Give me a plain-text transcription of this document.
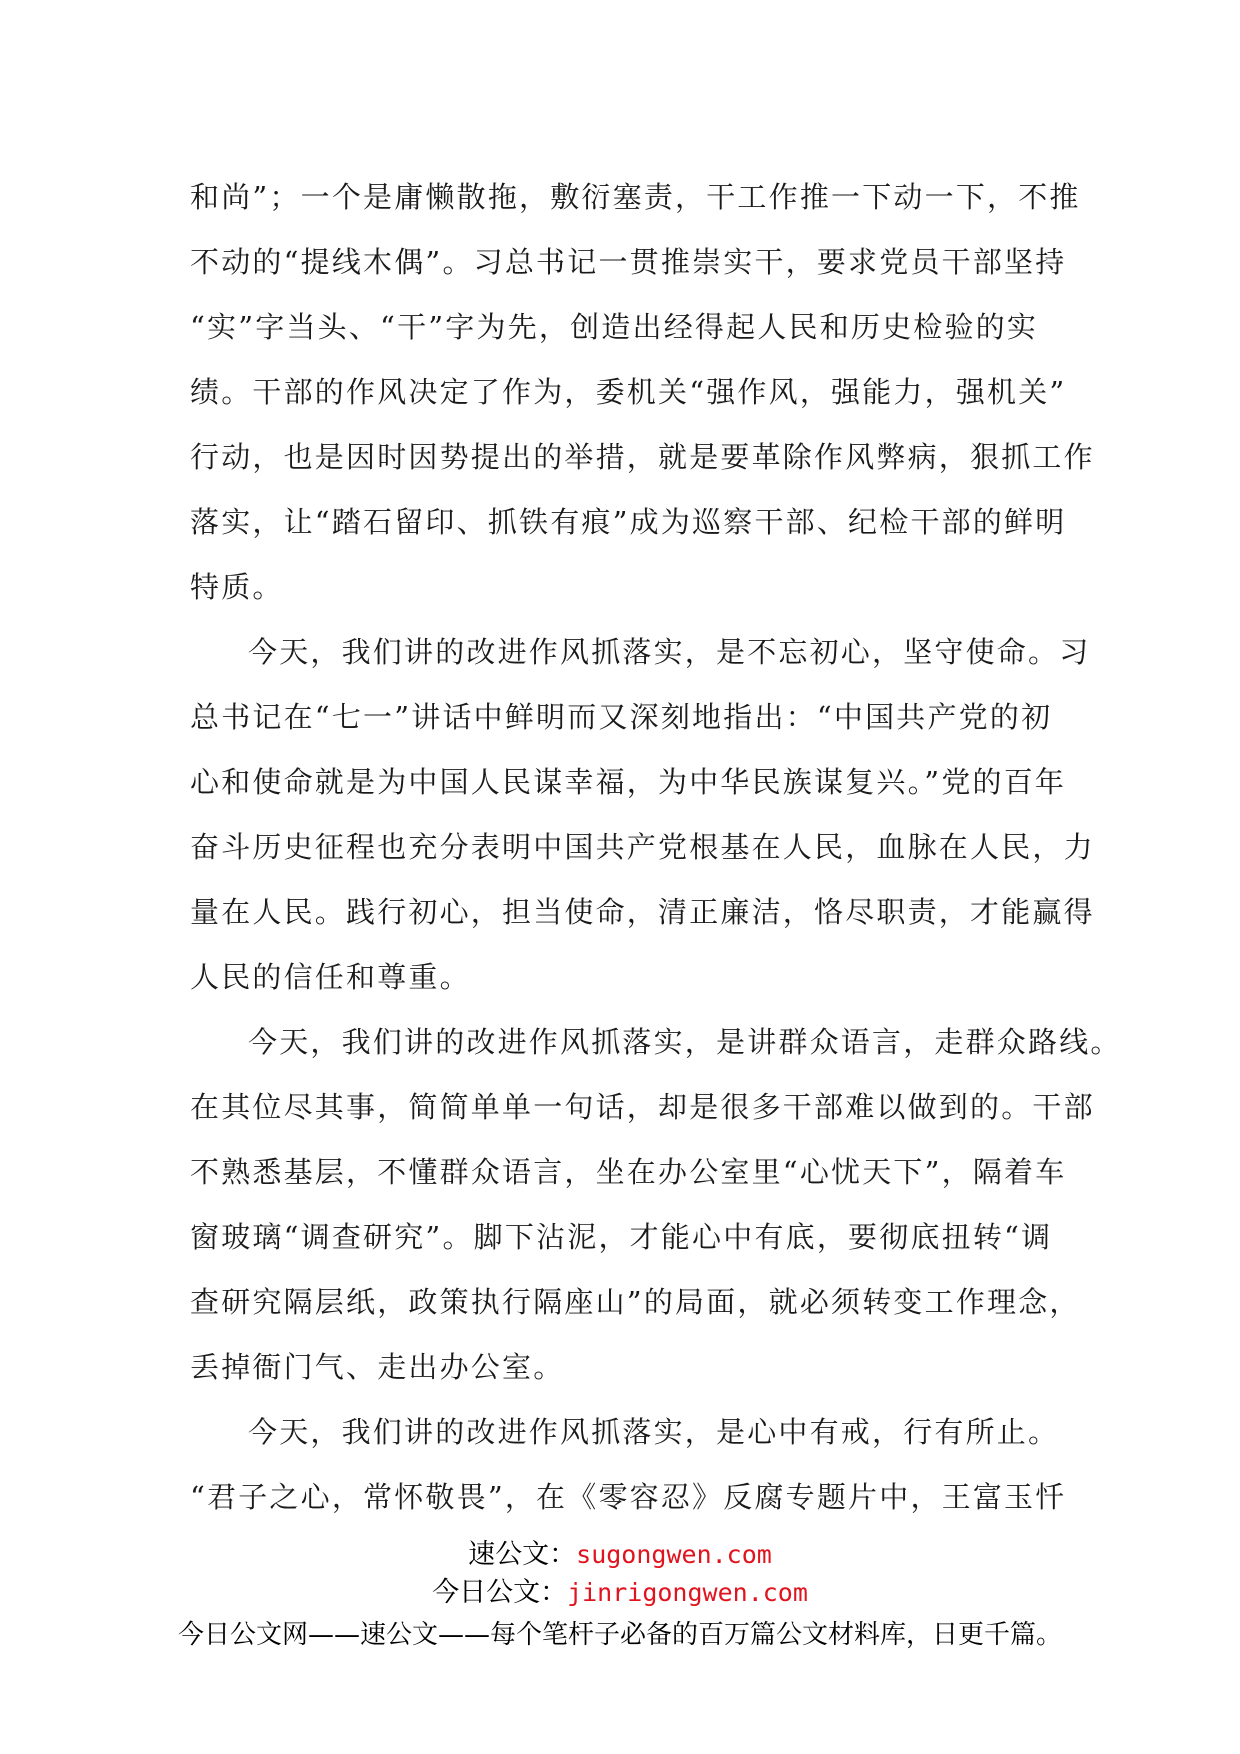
和尚”；一个是庸懒散拖，敷衍塞责，干工作推一下动一下，不推
不动的“提线木偶”。习总书记一贯推崇实干，要求党员干部坚持
“实”字当头、“干”字为先，创造出经得起人民和历史检验的实
绩。干部的作风决定了作为，委机关“强作风，强能力，强机关”
行动，也是因时因势提出的举措，就是要革除作风弊病，狠抓工作
落实，让“踏石留印、抓铁有痕”成为巡察干部、纪检干部的鲜明
特质。
今天，我们讲的改进作风抓落实，是不忘初心，坚守使命。习
总书记在“七一”讲话中鲜明而又深刻地指出：“中国共产党的初
心和使命就是为中国人民谋幸福，为中华民族谋复兴。”党的百年
奋斗历史征程也充分表明中国共产党根基在人民，血脉在人民，力
量在人民。践行初心，担当使命，清正廉洁，恪尽职责，才能赢得
人民的信任和尊重。
今天，我们讲的改进作风抓落实，是讲群众语言，走群众路线。
在其位尽其事，简简单单一句话，却是很多干部难以做到的。干部
不熟悉基层，不懂群众语言，坐在办公室里“心忧天下”，隔着车
窗玻璃“调查研究”。脚下沾泥，才能心中有底，要彻底扭转“调
查研究隔层纸，政策执行隔座山”的局面，就必须转变工作理念，
丢掉衙门气、走出办公室。
今天，我们讲的改进作风抓落实，是心中有戒，行有所止。
“君子之心，常怀敬畏”，在《零容忍》反腐专题片中，王富玉忏
速公文：sugongwen.com
今日公文：jinrigongwen.com
今日公文网——速公文——每个笔杆子必备的百万篇公文材料库，日更千篇。
